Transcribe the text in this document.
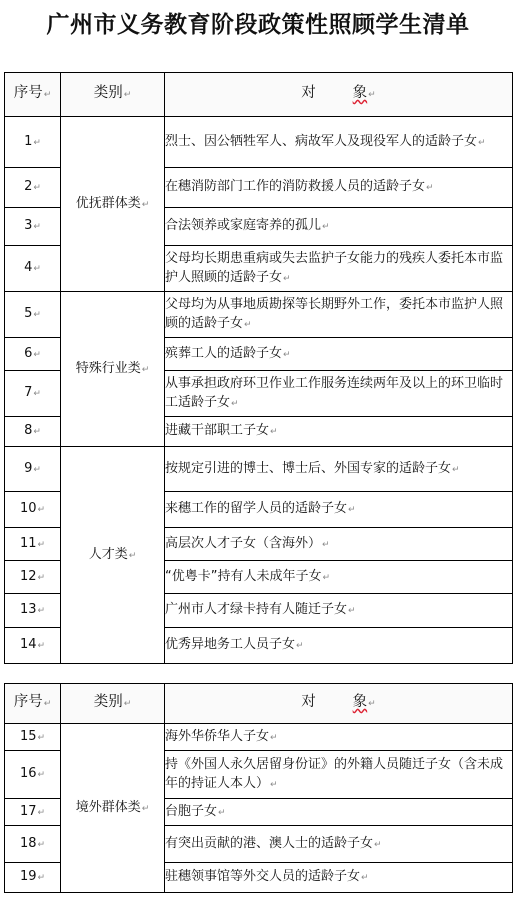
广州市义务教育阶段政策性照顾学生清单
序号↵	类别↵	对 象↵
1↵	优抚群体类↵	烈士、因公牺牲军人、病故军人及现役军人的适龄子女↵
2↵		在穗消防部门工作的消防救援人员的适龄子女↵
3↵		合法领养或家庭寄养的孤儿↵
4↵		父母均长期患重病或失去监护子女能力的残疾人委托本市监护人照顾的适龄子女↵
5↵	特殊行业类↵	父母均为从事地质勘探等长期野外工作，委托本市监护人照顾的适龄子女↵
6↵		殡葬工人的适龄子女↵
7↵		从事承担政府环卫作业工作服务连续两年及以上的环卫临时工适龄子女↵
8↵		进藏干部职工子女↵
9↵	人才类↵	按规定引进的博士、博士后、外国专家的适龄子女↵
10↵		来穗工作的留学人员的适龄子女↵
11↵		高层次人才子女（含海外）↵
12↵		“优粤卡”持有人未成年子女↵
13↵		广州市人才绿卡持有人随迁子女↵
14↵		优秀异地务工人员子女↵
序号↵	类别↵	对 象↵
15↵	境外群体类↵	海外华侨华人子女↵
16↵		持《外国人永久居留身份证》的外籍人员随迁子女（含未成年的持证人本人）↵
17↵		台胞子女↵
18↵		有突出贡献的港、澳人士的适龄子女↵
19↵		驻穗领事馆等外交人员的适龄子女↵
